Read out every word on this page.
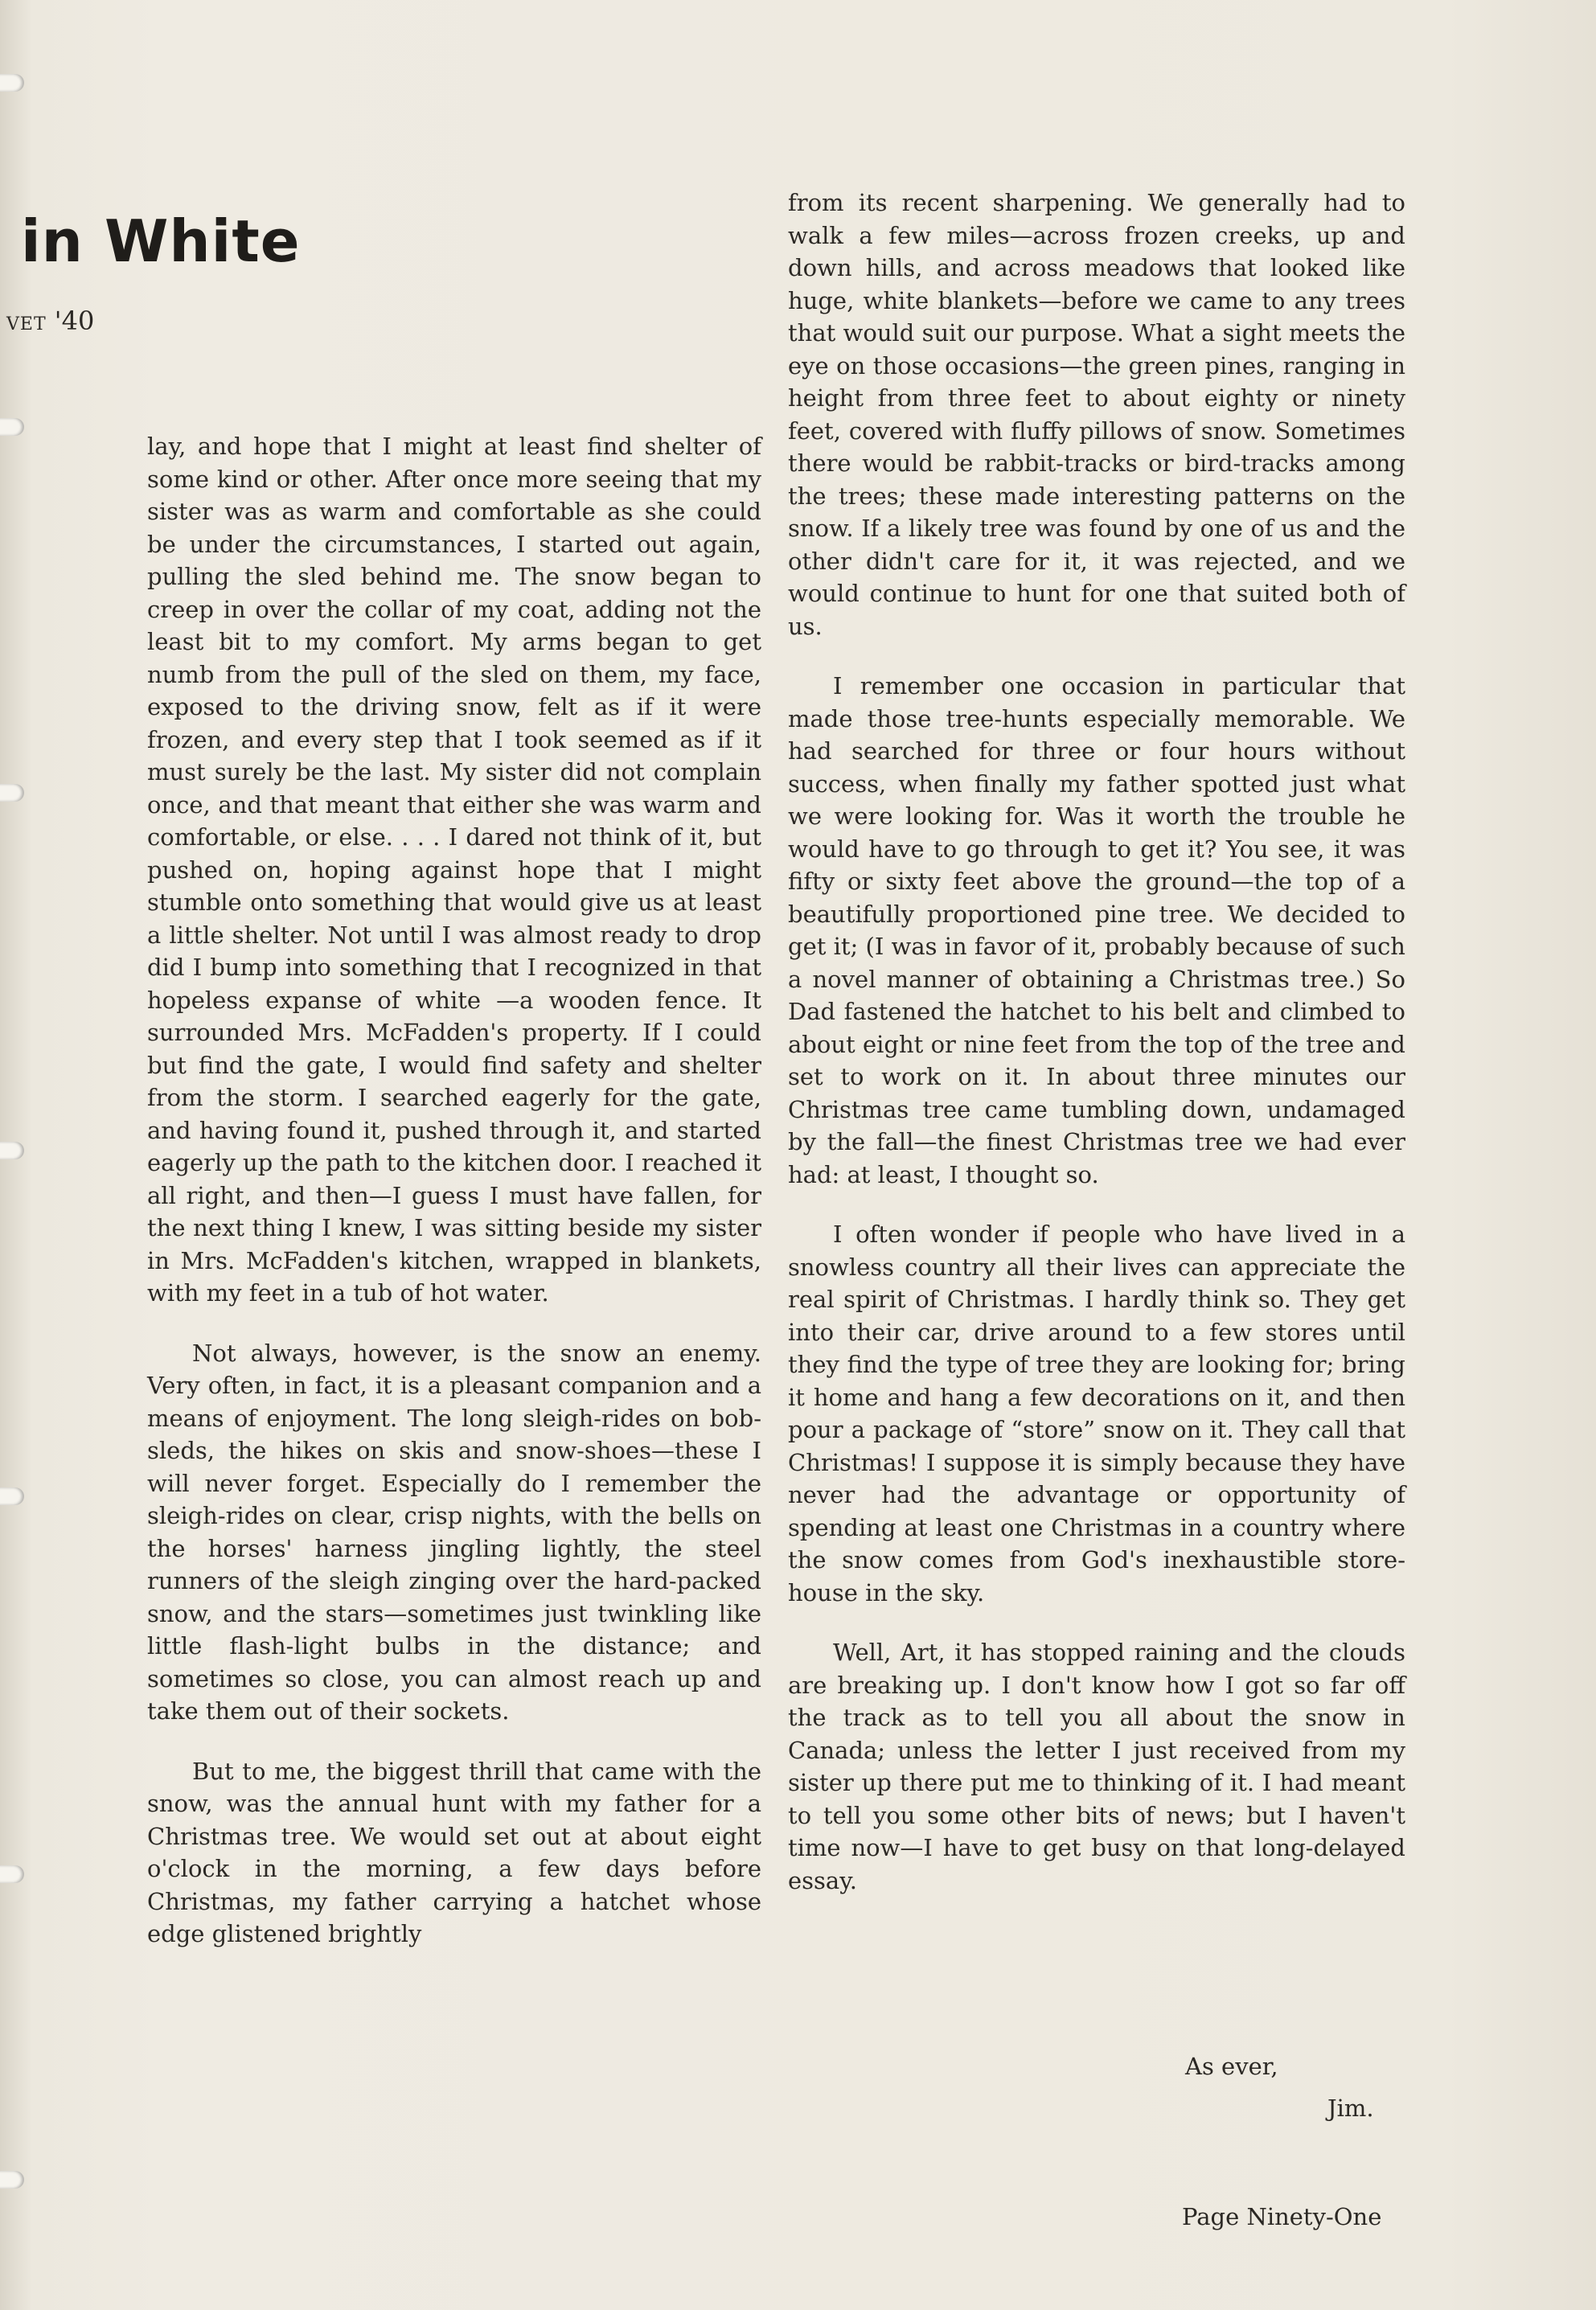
in White
VET '40

lay, and hope that I might at least find shelter of some kind or other. After once more seeing that my sister was as warm and comfortable as she could be under the circumstances, I started out again, pulling the sled behind me. The snow began to creep in over the collar of my coat, adding not the least bit to my comfort. My arms began to get numb from the pull of the sled on them, my face, exposed to the driving snow, felt as if it were frozen, and every step that I took seemed as if it must surely be the last. My sister did not complain once, and that meant that either she was warm and comfortable, or else. . . . I dared not think of it, but pushed on, hoping against hope that I might stumble onto something that would give us at least a little shelter. Not until I was almost ready to drop did I bump into something that I recognized in that hopeless expanse of white —a wooden fence. It surrounded Mrs. McFadden's property. If I could but find the gate, I would find safety and shelter from the storm. I searched eagerly for the gate, and having found it, pushed through it, and started eagerly up the path to the kitchen door. I reached it all right, and then—I guess I must have fallen, for the next thing I knew, I was sitting beside my sister in Mrs. McFadden's kitchen, wrapped in blankets, with my feet in a tub of hot water.

Not always, however, is the snow an enemy. Very often, in fact, it is a pleasant companion and a means of enjoyment. The long sleigh-rides on bob-sleds, the hikes on skis and snow-shoes—these I will never forget. Especially do I remember the sleigh-rides on clear, crisp nights, with the bells on the horses' harness jingling lightly, the steel runners of the sleigh zinging over the hard-packed snow, and the stars—sometimes just twinkling like little flash-light bulbs in the distance; and sometimes so close, you can almost reach up and take them out of their sockets.

But to me, the biggest thrill that came with the snow, was the annual hunt with my father for a Christmas tree. We would set out at about eight o'clock in the morning, a few days before Christmas, my father carrying a hatchet whose edge glistened brightly

from its recent sharpening. We generally had to walk a few miles—across frozen creeks, up and down hills, and across meadows that looked like huge, white blankets—before we came to any trees that would suit our purpose. What a sight meets the eye on those occasions—the green pines, ranging in height from three feet to about eighty or ninety feet, covered with fluffy pillows of snow. Sometimes there would be rabbit-tracks or bird-tracks among the trees; these made interesting patterns on the snow. If a likely tree was found by one of us and the other didn't care for it, it was rejected, and we would continue to hunt for one that suited both of us.

I remember one occasion in particular that made those tree-hunts especially memorable. We had searched for three or four hours without success, when finally my father spotted just what we were looking for. Was it worth the trouble he would have to go through to get it? You see, it was fifty or sixty feet above the ground—the top of a beautifully proportioned pine tree. We decided to get it; (I was in favor of it, probably because of such a novel manner of obtaining a Christmas tree.) So Dad fastened the hatchet to his belt and climbed to about eight or nine feet from the top of the tree and set to work on it. In about three minutes our Christmas tree came tumbling down, undamaged by the fall—the finest Christmas tree we had ever had: at least, I thought so.

I often wonder if people who have lived in a snowless country all their lives can appreciate the real spirit of Christmas. I hardly think so. They get into their car, drive around to a few stores until they find the type of tree they are looking for; bring it home and hang a few decorations on it, and then pour a package of “store” snow on it. They call that Christmas! I suppose it is simply because they have never had the advantage or opportunity of spending at least one Christmas in a country where the snow comes from God's inexhaustible store-house in the sky.

Well, Art, it has stopped raining and the clouds are breaking up. I don't know how I got so far off the track as to tell you all about the snow in Canada; unless the letter I just received from my sister up there put me to thinking of it. I had meant to tell you some other bits of news; but I haven't time now—I have to get busy on that long-delayed essay.

As ever,
Jim.
Page Ninety-One
